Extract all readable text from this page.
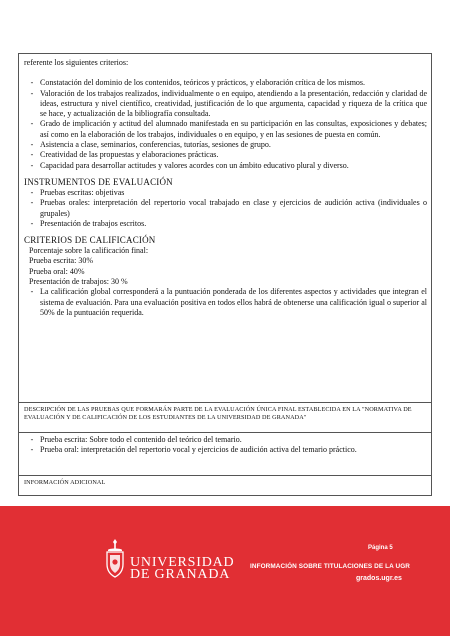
referente los siguientes criterios:

- Constatación del dominio de los contenidos, teóricos y prácticos, y elaboración crítica de los mismos.
- Valoración de los trabajos realizados, individualmente o en equipo, atendiendo a la presentación, redacción y claridad de ideas, estructura y nivel científico, creatividad, justificación de lo que argumenta, capacidad y riqueza de la crítica que se hace, y actualización de la bibliografía consultada.
- Grado de implicación y actitud del alumnado manifestada en su participación en las consultas, exposiciones y debates; así como en la elaboración de los trabajos, individuales o en equipo, y en las sesiones de puesta en común.
- Asistencia a clase, seminarios, conferencias, tutorías, sesiones de grupo.
- Creatividad de las propuestas y elaboraciones prácticas.
- Capacidad para desarrollar actitudes y valores acordes con un ámbito educativo plural y diverso.
INSTRUMENTOS DE EVALUACIÓN
- Pruebas escritas: objetivas
- Pruebas orales: interpretación del repertorio vocal trabajado en clase y ejercicios de audición activa (individuales o grupales)
- Presentación de trabajos escritos.
CRITERIOS DE CALIFICACIÓN
Porcentaje sobre la calificación final:
Prueba escrita: 30%
Prueba oral: 40%
Presentación de trabajos: 30 %
- La calificación global corresponderá a la puntuación ponderada de los diferentes aspectos y actividades que integran el sistema de evaluación. Para una evaluación positiva en todos ellos habrá de obtenerse una calificación igual o superior al 50% de la puntuación requerida.
DESCRIPCIÓN DE LAS PRUEBAS QUE FORMARÁN PARTE DE LA EVALUACIÓN ÚNICA FINAL ESTABLECIDA EN LA "NORMATIVA DE EVALUACIÓN Y DE CALIFICACIÓN DE LOS ESTUDIANTES DE LA UNIVERSIDAD DE GRANADA"
- Prueba escrita: Sobre todo el contenido del teórico del temario.
- Prueba oral: interpretación del repertorio vocal y ejercicios de audición activa del temario práctico.
INFORMACIÓN ADICIONAL
UNIVERSIDAD
DE GRANADA
Página 5
INFORMACIÓN SOBRE TITULACIONES DE LA UGR
grados.ugr.es
